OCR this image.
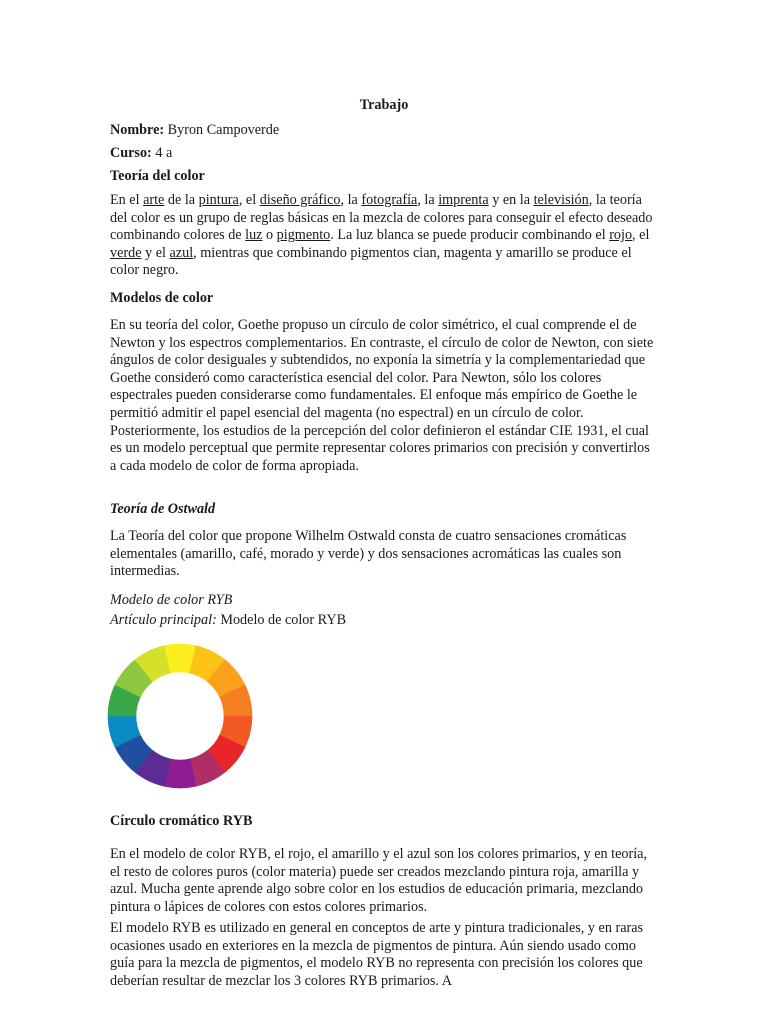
Trabajo

Nombre: Byron Campoverde

Curso: 4 a

Teoría del color

En el arte de la pintura, el diseño gráfico, la fotografía, la imprenta y en la televisión, la teoría del color es un grupo de reglas básicas en la mezcla de colores para conseguir el efecto deseado combinando colores de luz o pigmento. La luz blanca se puede producir combinando el rojo, el verde y el azul, mientras que combinando pigmentos cian, magenta y amarillo se produce el color negro.

Modelos de color

En su teoría del color, Goethe propuso un círculo de color simétrico, el cual comprende el de Newton y los espectros complementarios. En contraste, el círculo de color de Newton, con siete ángulos de color desiguales y subtendidos, no exponía la simetría y la complementariedad que Goethe consideró como característica esencial del color. Para Newton, sólo los colores espectrales pueden considerarse como fundamentales. El enfoque más empírico de Goethe le permitió admitir el papel esencial del magenta (no espectral) en un círculo de color. Posteriormente, los estudios de la percepción del color definieron el estándar CIE 1931, el cual es un modelo perceptual que permite representar colores primarios con precisión y convertirlos a cada modelo de color de forma apropiada.

Teoría de Ostwald

La Teoría del color que propone Wilhelm Ostwald consta de cuatro sensaciones cromáticas elementales (amarillo, café, morado y verde) y dos sensaciones acromáticas las cuales son intermedias.

Modelo de color RYB

Artículo principal: Modelo de color RYB

Círculo cromático RYB

En el modelo de color RYB, el rojo, el amarillo y el azul son los colores primarios, y en teoría, el resto de colores puros (color materia) puede ser creados mezclando pintura roja, amarilla y azul. Mucha gente aprende algo sobre color en los estudios de educación primaria, mezclando pintura o lápices de colores con estos colores primarios.

El modelo RYB es utilizado en general en conceptos de arte y pintura tradicionales, y en raras ocasiones usado en exteriores en la mezcla de pigmentos de pintura. Aún siendo usado como guía para la mezcla de pigmentos, el modelo RYB no representa con precisión los colores que deberían resultar de mezclar los 3 colores RYB primarios. A
